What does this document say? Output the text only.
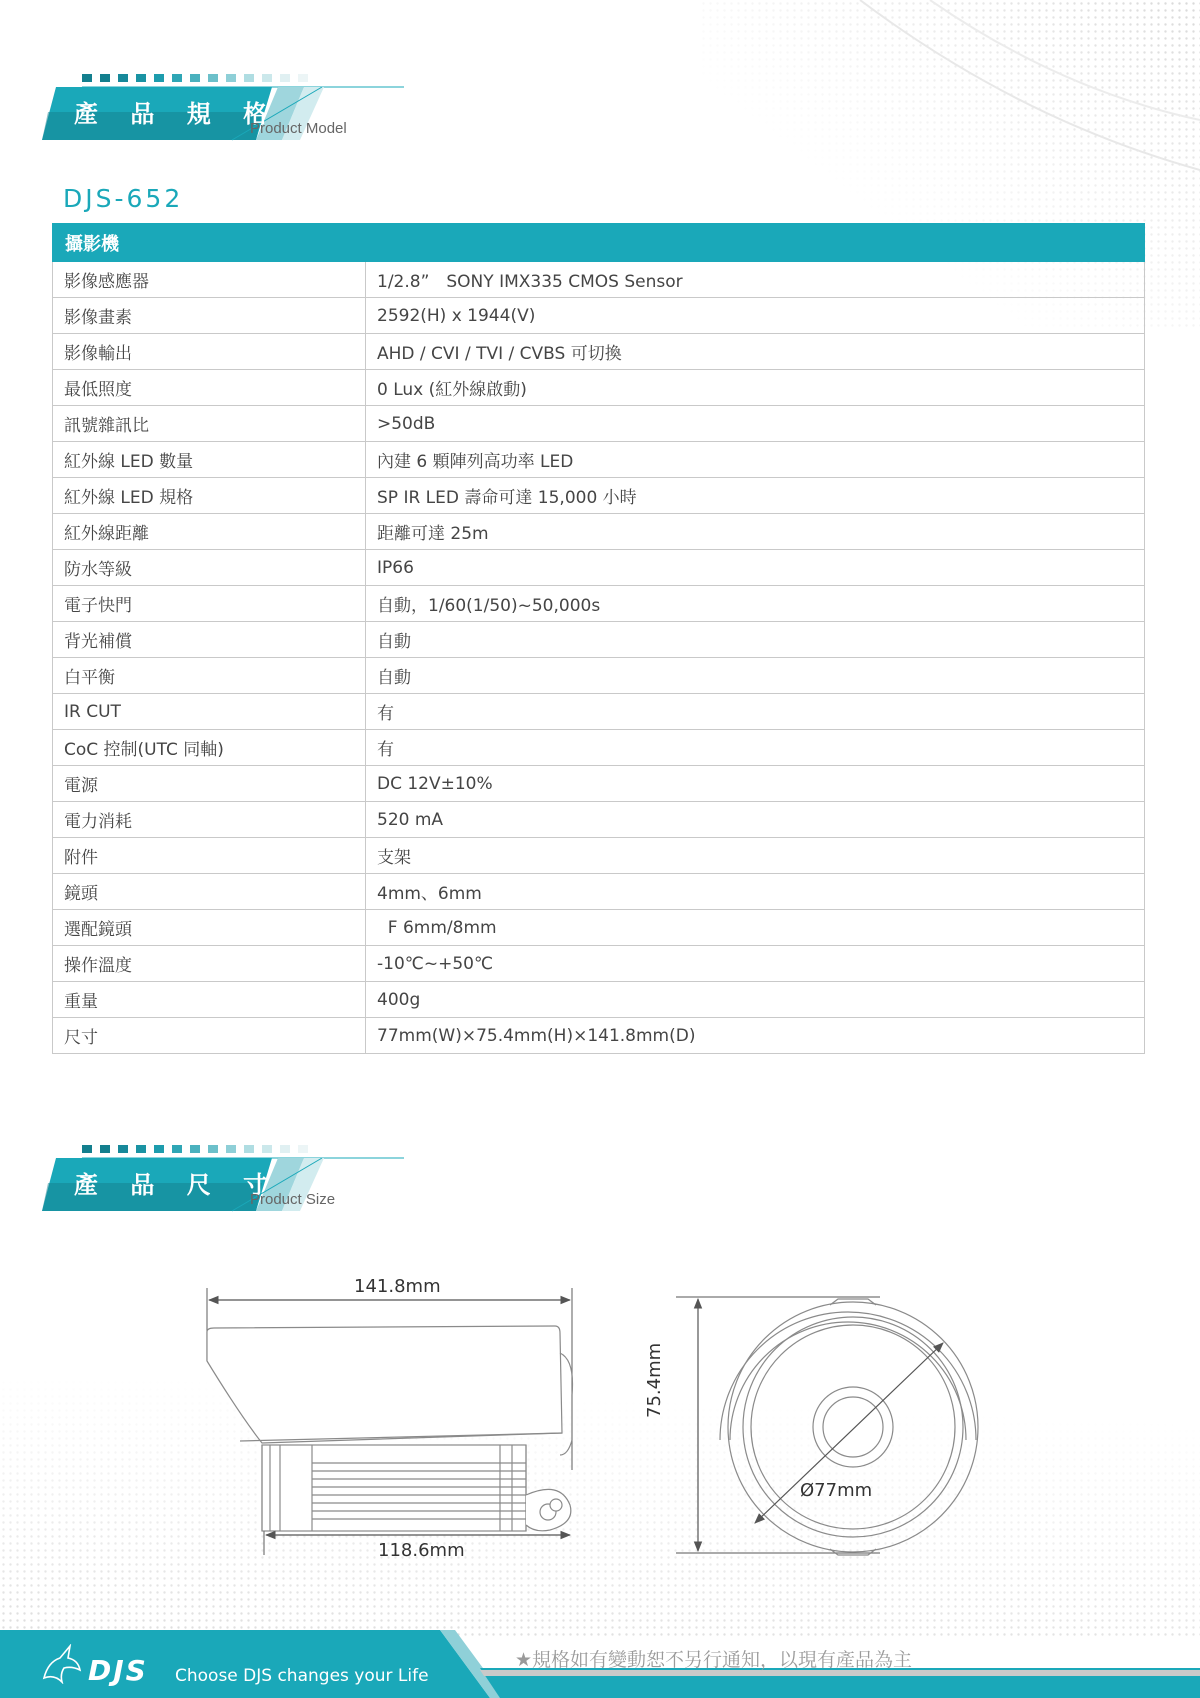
產 品 規 格
Product Model
DJS-652
攝影機	
影像感應器	1/2.8”　SONY IMX335 CMOS Sensor
影像畫素	2592(H) x 1944(V)
影像輸出	AHD / CVI / TVI / CVBS 可切換
最低照度	0 Lux (紅外線啟動)
訊號雜訊比	>50dB
紅外線 LED 數量	內建 6 顆陣列高功率 LED
紅外線 LED 規格	SP IR LED 壽命可達 15,000 小時
紅外線距離	距離可達 25m
防水等級	IP66
電子快門	自動，1/60(1/50)~50,000s
背光補償	自動
白平衡	自動
IR CUT	有
CoC 控制(UTC 同軸)	有
電源	DC 12V±10%
電力消耗	520 mA
附件	支架
鏡頭	4mm、6mm
選配鏡頭	F 6mm/8mm
操作溫度	-10℃~+50℃
重量	400g
尺寸	77mm(W)×75.4mm(H)×141.8mm(D)
產 品 尺 寸
Product Size
141.8mm
118.6mm
75.4mm
Ø77mm
DJS Choose DJS changes your Life
★規格如有變動恕不另行通知，以現有產品為主
